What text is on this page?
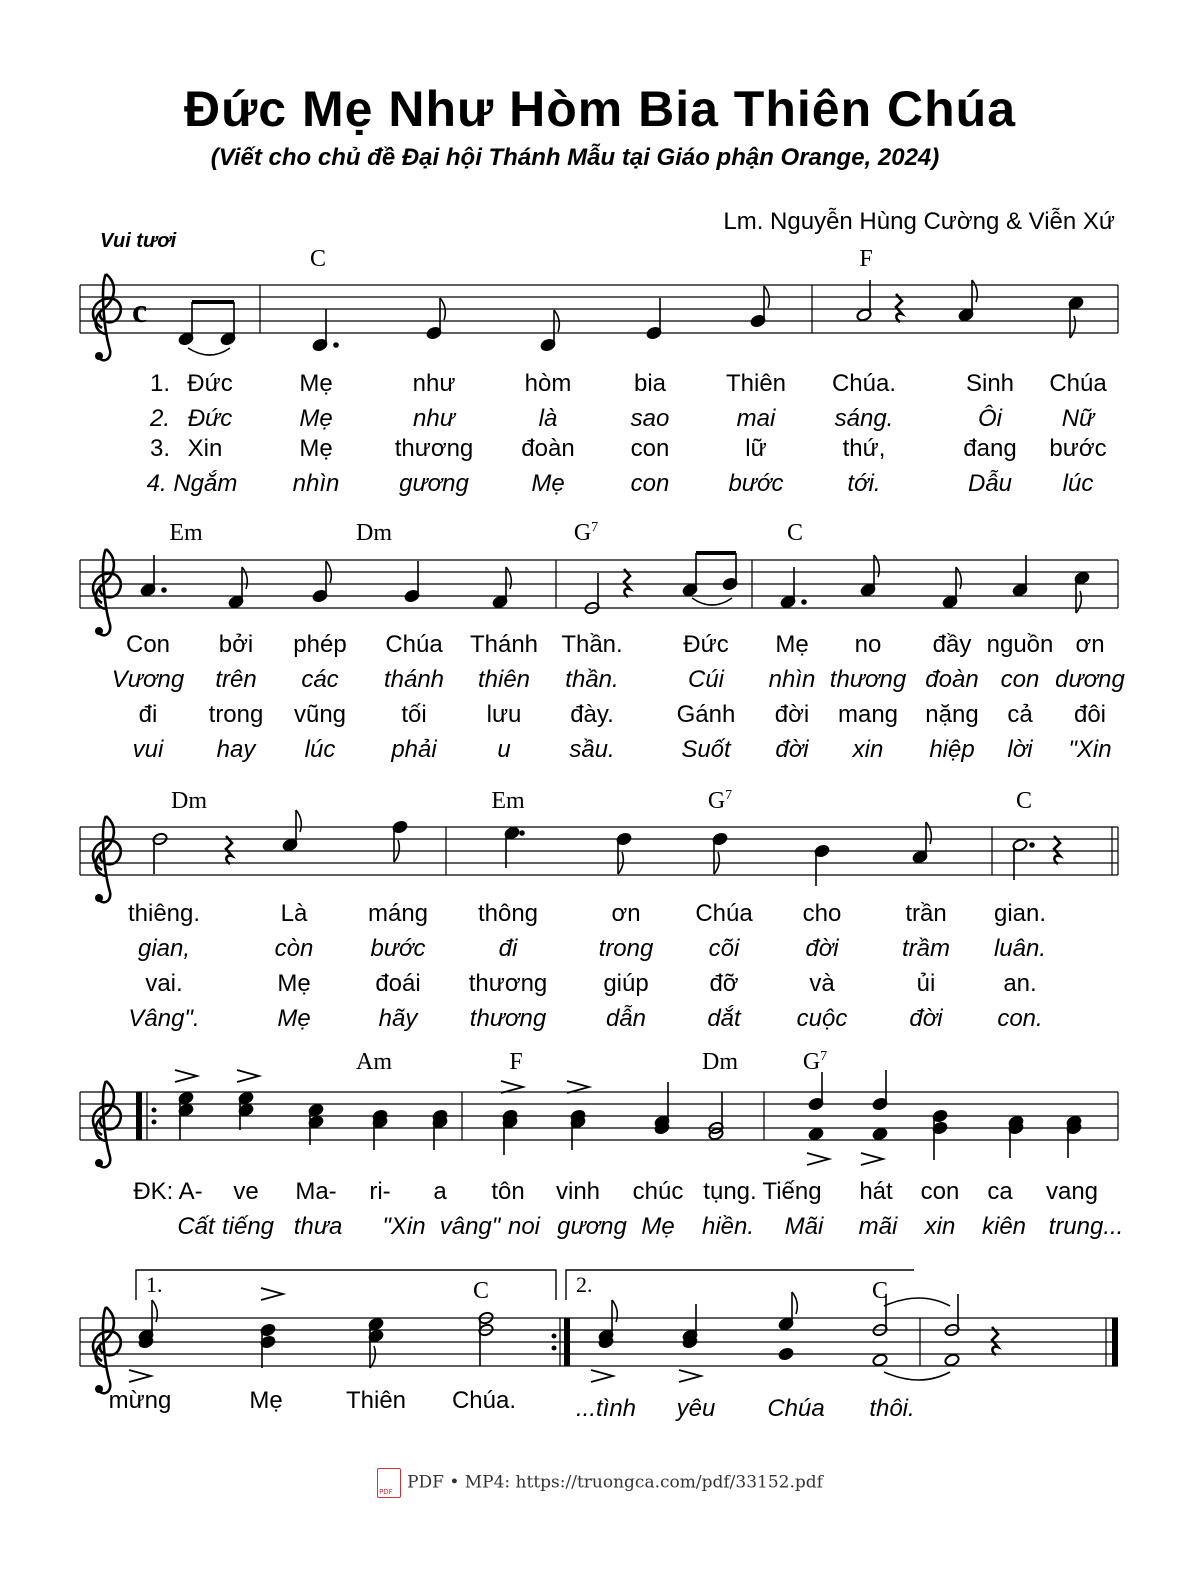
Đức Mẹ Như Hòm Bia Thiên Chúa
(Viết cho chủ đề Đại hội Thánh Mẫu tại Giáo phận Orange, 2024)
Lm. Nguyễn Hùng Cường & Viễn Xứ
Vui tươi
c
C	F
Em	Dm	$G^7$	C
Dm	Em	$G^7$	C
Am	F	Dm	$G^7$
C	C
1.	2.
1. Đức	Mẹ	như	hòm	bia Thiên Chúa.	Sinh Chúa
2. Đức	Mẹ	như	là	sao	mai sáng.	Ôi Nữ
3. Xin	Mẹ	thương đoàn con	lữ	thứ,	đang bước
4. Ngắm nhìn gương	Mẹ	con bước	tới.	Dẫu lúc
Con bởi phép Chúa Thánh Thần.	Đức Mẹ no đầy nguồn ơn
Vương trên các thánh thiên thần.	Cúi nhìn thương đoàn con dương
đi trong vũng tối lưu đày.	Gánh đời mang nặng cả đôi
vui hay lúc phải	u sầu.	Suốt đời xin hiệp lời "Xin
thiêng.	Là	máng thông	ơn Chúa cho	trần gian.
gian,	còn bước	đi	trong cõi	đời	trầm luân.
vai.	Mẹ	đoái thương giúp	đỡ	và	ủi	an.
Vâng".	Mẹ	hãy thương dẫn	dắt cuộc	đời con.
ĐK: A- ve Ma- ri- a tôn vinh chúc tụng. Tiếng hát con ca vang
Cất tiếng thưa "Xin vâng" noi gương Mẹ hiền. Mãi mãi xin kiên trung...
mừng	Mẹ	Thiên Chúa. ...tình yêu Chúa thôi.
PDFPDF • MP4: https://truongca.com/pdf/33152.pdf
